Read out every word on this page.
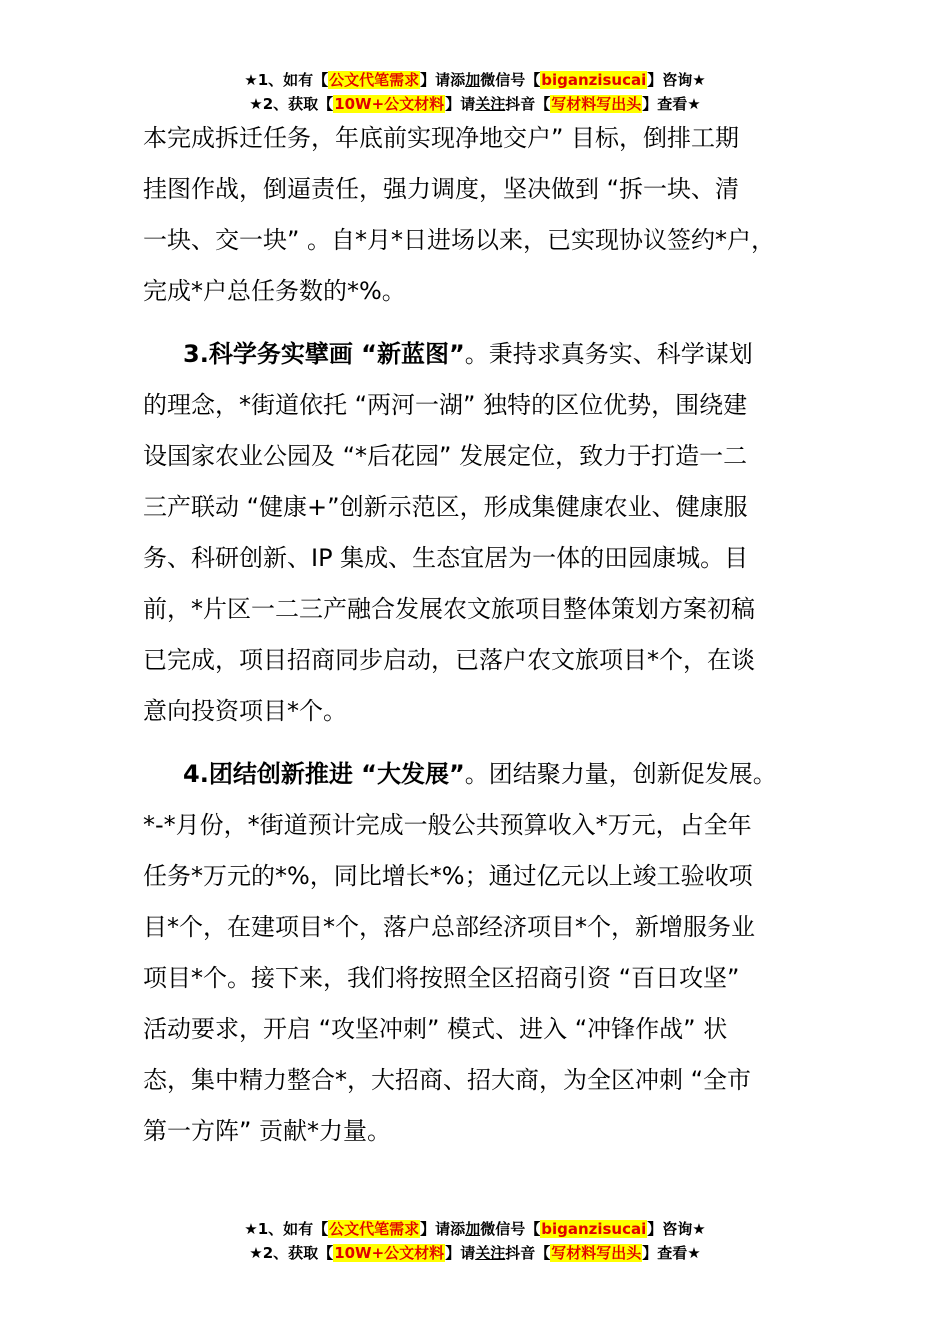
★1、如有【公文代笔需求】请添加微信号【biganzisucai】咨询★
★2、获取【10W+公文材料】请关注抖音【写材料写出头】查看★
本完成拆迁任务，年底前实现净地交户” 目标，倒排工期
挂图作战，倒逼责任，强力调度，坚决做到 “拆一块、清
一块、交一块” 。自*月*日进场以来，已实现协议签约*户，
完成*户总任务数的*%。
3.科学务实擘画 “新蓝图”。秉持求真务实、科学谋划
的理念，*街道依托 “两河一湖” 独特的区位优势，围绕建
设国家农业公园及 “*后花园” 发展定位，致力于打造一二
三产联动 “健康+”创新示范区，形成集健康农业、健康服
务、科研创新、IP 集成、生态宜居为一体的田园康城。目
前，*片区一二三产融合发展农文旅项目整体策划方案初稿
已完成，项目招商同步启动，已落户农文旅项目*个，在谈
意向投资项目*个。
4.团结创新推进 “大发展”。团结聚力量，创新促发展。
*-*月份，*街道预计完成一般公共预算收入*万元，占全年
任务*万元的*%，同比增长*%；通过亿元以上竣工验收项
目*个，在建项目*个，落户总部经济项目*个，新增服务业
项目*个。接下来，我们将按照全区招商引资 “百日攻坚”
活动要求，开启 “攻坚冲刺” 模式、进入 “冲锋作战” 状
态，集中精力整合*，大招商、招大商，为全区冲刺 “全市
第一方阵” 贡献*力量。
★1、如有【公文代笔需求】请添加微信号【biganzisucai】咨询★
★2、获取【10W+公文材料】请关注抖音【写材料写出头】查看★
